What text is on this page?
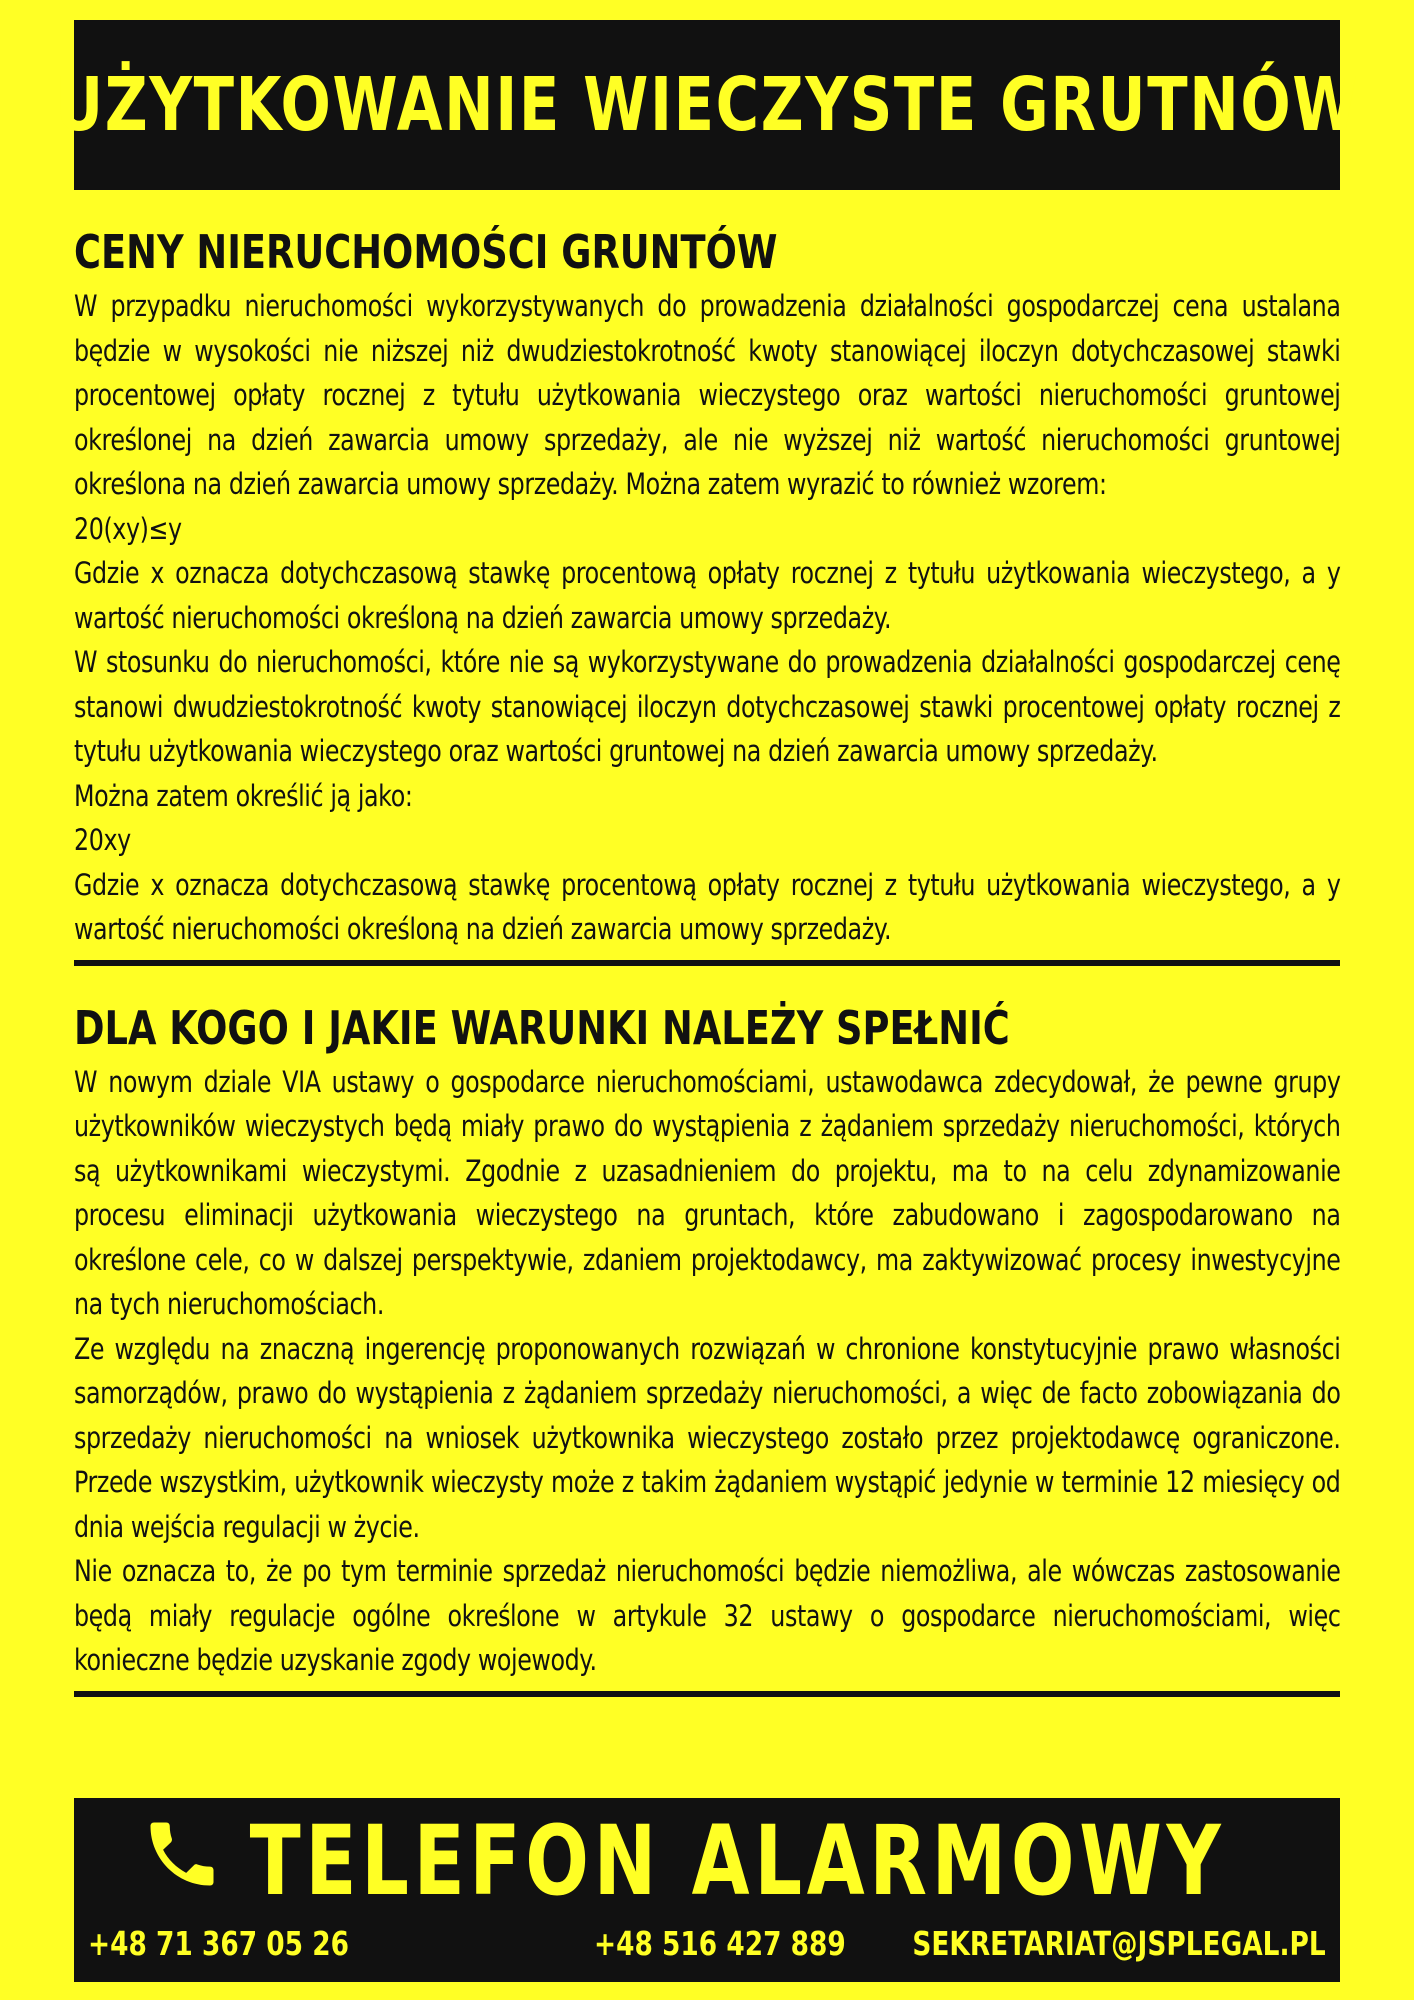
UŻYTKOWANIE WIECZYSTE GRUTNÓW
CENY NIERUCHOMOŚCI GRUNTÓW

W przypadku nieruchomości wykorzystywanych do prowadzenia działalności gospodarczej cena ustalana będzie w wysokości nie niższej niż dwudziestokrotność kwoty stanowiącej iloczyn dotychczasowej stawki procentowej opłaty rocznej z tytułu użytkowania wieczystego oraz wartości nieruchomości gruntowej określonej na dzień zawarcia umowy sprzedaży, ale nie wyższej niż wartość nieruchomości gruntowej określona na dzień zawarcia umowy sprzedaży. Można zatem wyrazić to również wzorem:

20(xy)≤y

Gdzie x oznacza dotychczasową stawkę procentową opłaty rocznej z tytułu użytkowania wieczystego, a y wartość nieruchomości określoną na dzień zawarcia umowy sprzedaży.

W stosunku do nieruchomości, które nie są wykorzystywane do prowadzenia działalności gospodarczej cenę stanowi dwudziestokrotność kwoty stanowiącej iloczyn dotychczasowej stawki procentowej opłaty rocznej z tytułu użytkowania wieczystego oraz wartości gruntowej na dzień zawarcia umowy sprzedaży.

Można zatem określić ją jako:

20xy

Gdzie x oznacza dotychczasową stawkę procentową opłaty rocznej z tytułu użytkowania wieczystego, a y wartość nieruchomości określoną na dzień zawarcia umowy sprzedaży.

DLA KOGO I JAKIE WARUNKI NALEŻY SPEŁNIĆ

W nowym dziale VIA ustawy o gospodarce nieruchomościami, ustawodawca zdecydował, że pewne grupy użytkowników wieczystych będą miały prawo do wystąpienia z żądaniem sprzedaży nieruchomości, których są użytkownikami wieczystymi. Zgodnie z uzasadnieniem do projektu, ma to na celu zdynamizowanie procesu eliminacji użytkowania wieczystego na gruntach, które zabudowano i zagospodarowano na określone cele, co w dalszej perspektywie, zdaniem projektodawcy, ma zaktywizować procesy inwestycyjne na tych nieruchomościach.

Ze względu na znaczną ingerencję proponowanych rozwiązań w chronione konstytucyjnie prawo własności samorządów, prawo do wystąpienia z żądaniem sprzedaży nieruchomości, a więc de facto zobowiązania do sprzedaży nieruchomości na wniosek użytkownika wieczystego zostało przez projektodawcę ograniczone. Przede wszystkim, użytkownik wieczysty może z takim żądaniem wystąpić jedynie w terminie 12 miesięcy od dnia wejścia regulacji w życie.

Nie oznacza to, że po tym terminie sprzedaż nieruchomości będzie niemożliwa, ale wówczas zastosowanie będą miały regulacje ogólne określone w artykule 32 ustawy o gospodarce nieruchomościami, więc konieczne będzie uzyskanie zgody wojewody.

TELEFON ALARMOWY
+48 71 367 05 26	+48 516 427 889 SEKRETARIAT@JSPLEGAL.PL
